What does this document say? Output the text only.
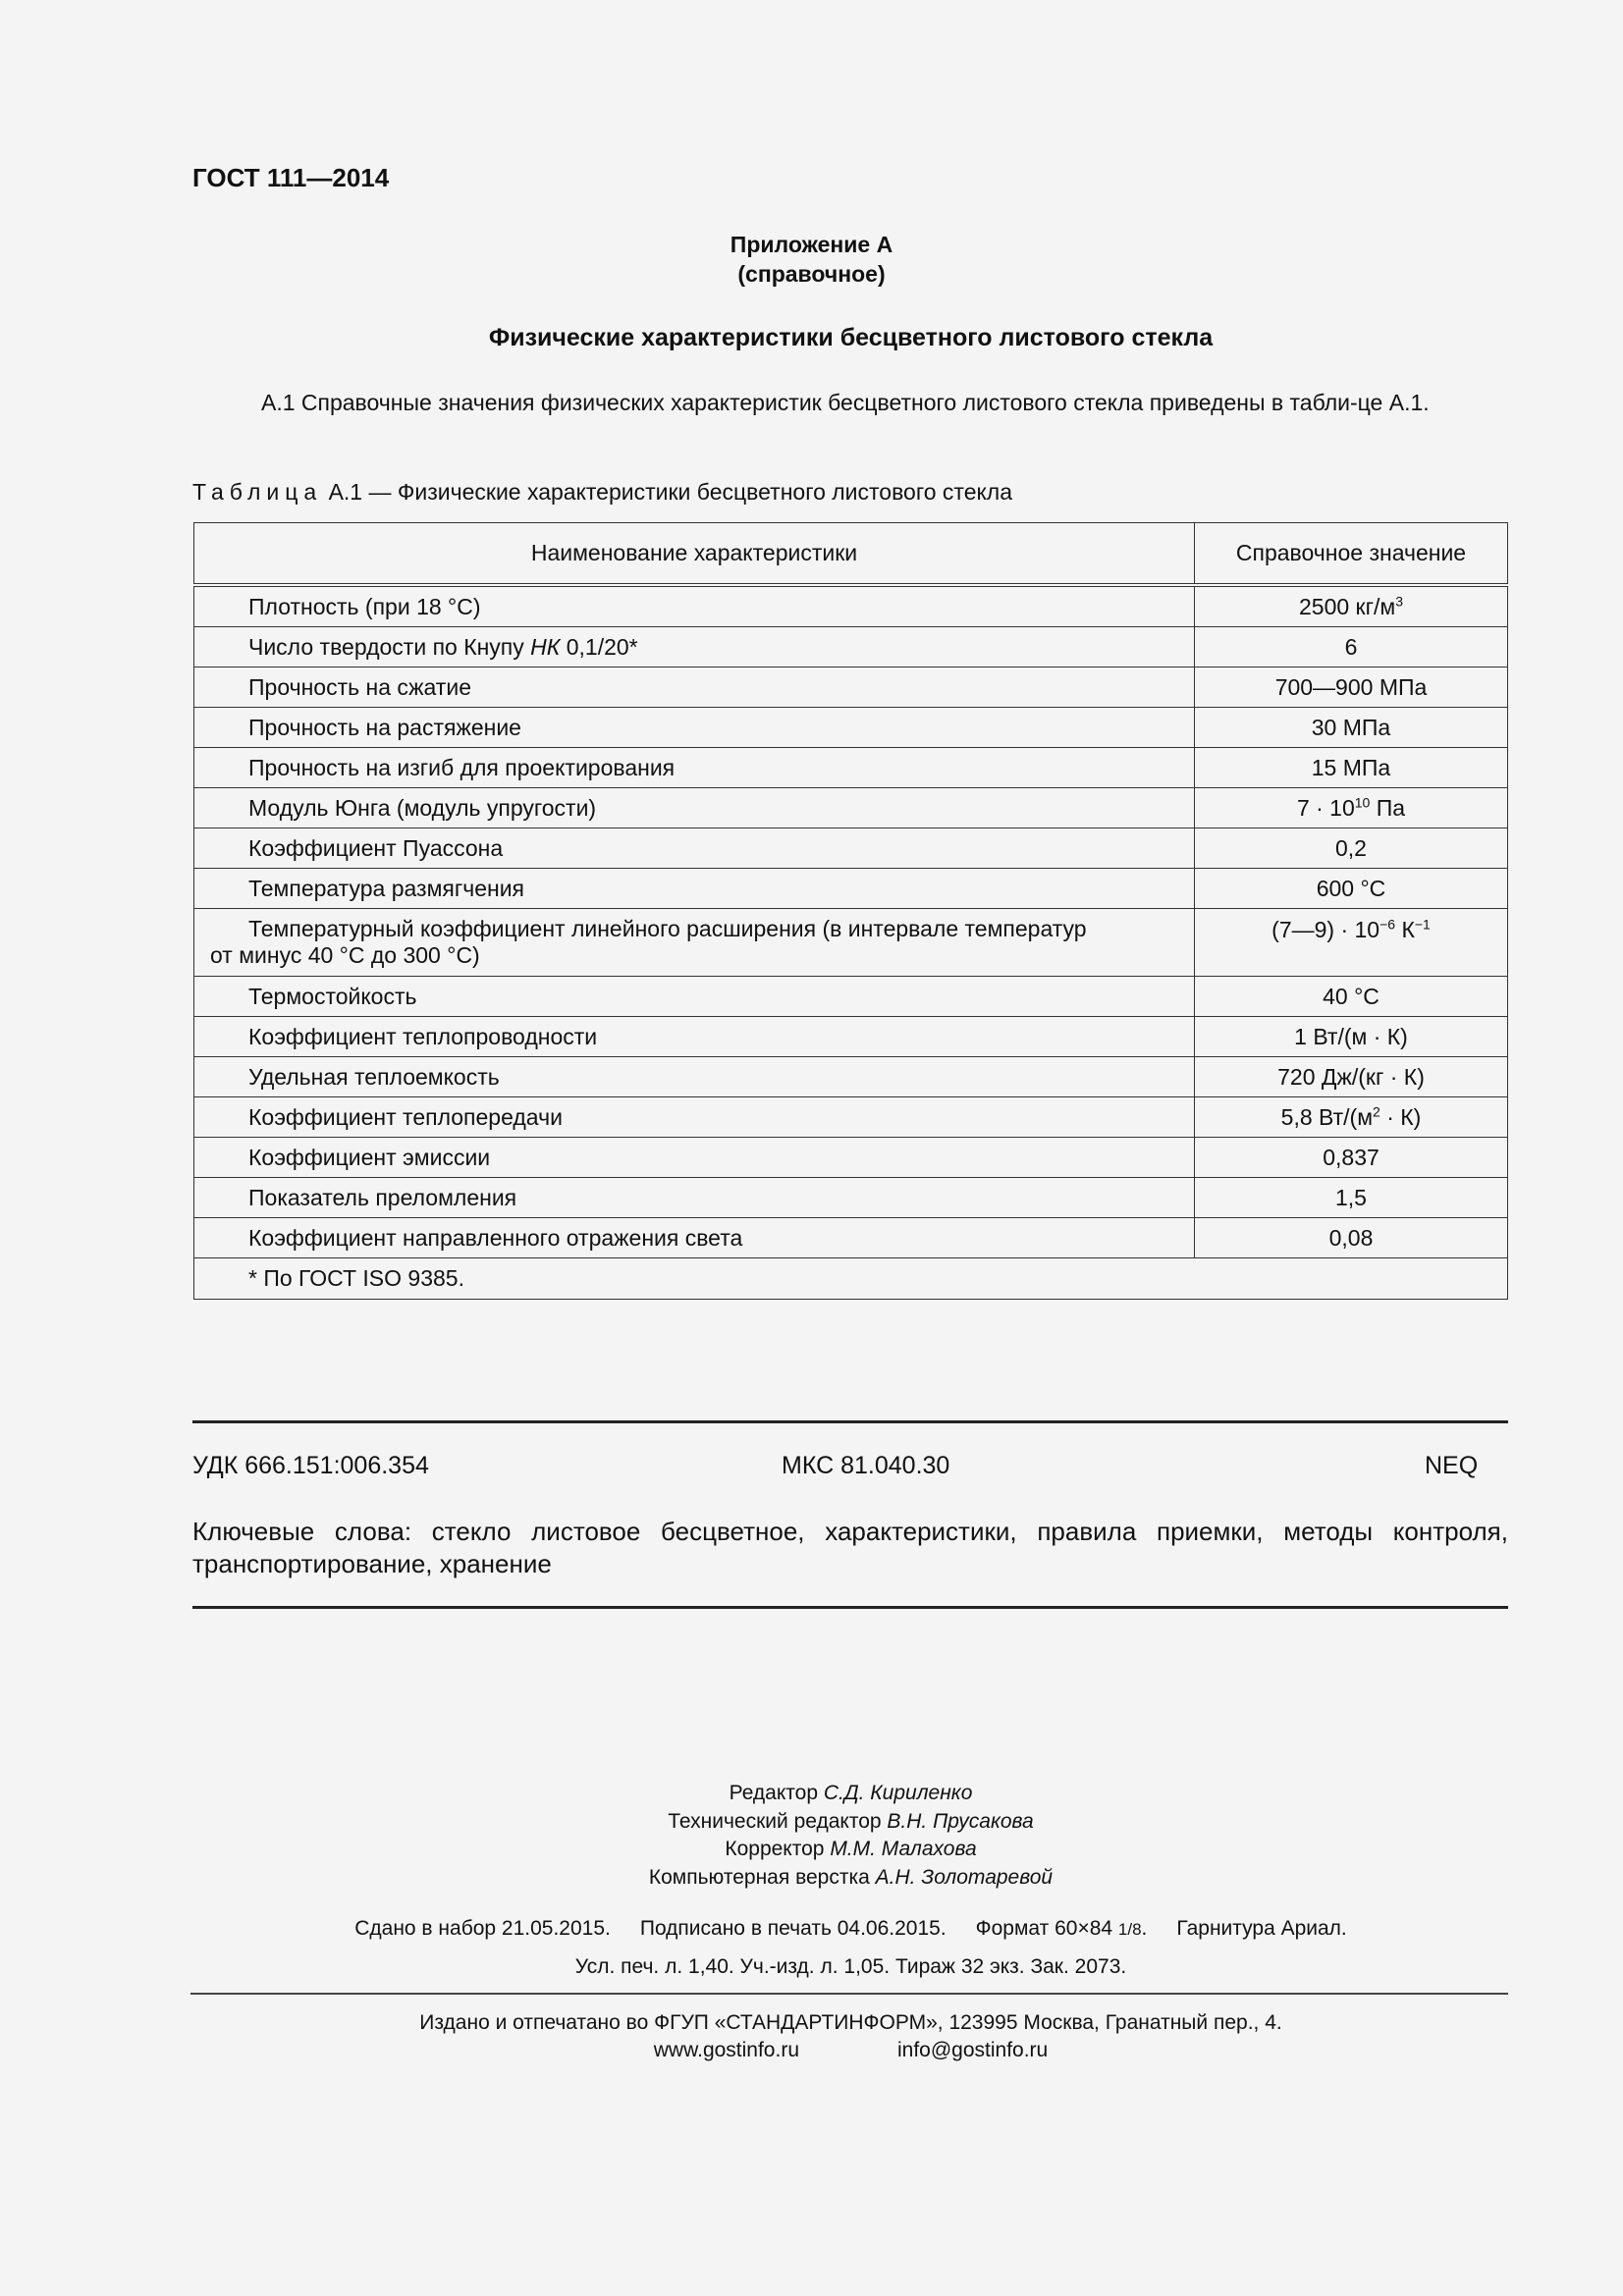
ГОСТ 111—2014
Приложение А
(справочное)
Физические характеристики бесцветного листового стекла
А.1 Справочные значения физических характеристик бесцветного листового стекла приведены в табли-це А.1.
Таблица А.1 — Физические характеристики бесцветного листового стекла
Наименование характеристики	Справочное значение
Плотность (при 18 °С)	2500 $кг/м^3$
Число твердости по Кнупу НК 0,1/20*	6
Прочность на сжатие	700—900 МПа
Прочность на растяжение	30 МПа
Прочность на изгиб для проектирования	15 МПа
Модуль Юнга (модуль упругости)	$7 \cdot 10^{10}$ Па
Коэффициент Пуассона	0,2
Температура размягчения	600 °С

Температурный коэффициент линейного расширения (в интервале температур
от минус 40 °С до 300 °С)	(7—9) · $10^{-6}$ $К^{-1}$
Термостойкость	40 °С
Коэффициент теплопроводности	1 Вт/(м · К)
Удельная теплоемкость	720 Дж/(кг · К)
Коэффициент теплопередачи	5,8 $Вт/(м^2 \cdot К)$
Коэффициент эмиссии	0,837
Показатель преломления	1,5
Коэффициент направленного отражения света	0,08
* По ГОСТ ISO 9385.	
УДК 666.151:006.354	МКС 81.040.30	NEQ
Ключевые слова: стекло листовое бесцветное, характеристики, правила приемки, методы контроля, транспортирование, хранение
Редактор С.Д. Кириленко
Технический редактор В.Н. Прусакова
Корректор М.М. Малахова
Компьютерная верстка А.Н. Золотаревой
Сдано в набор 21.05.2015. Подписано в печать 04.06.2015. Формат 60×84 1/8. Гарнитура Ариал.
Усл. печ. л. 1,40. Уч.-изд. л. 1,05. Тираж 32 экз. Зак. 2073.
Издано и отпечатано во ФГУП «СТАНДАРТИНФОРМ», 123995 Москва, Гранатный пер., 4.
www.gostinfo.ru	info@gostinfo.ru
